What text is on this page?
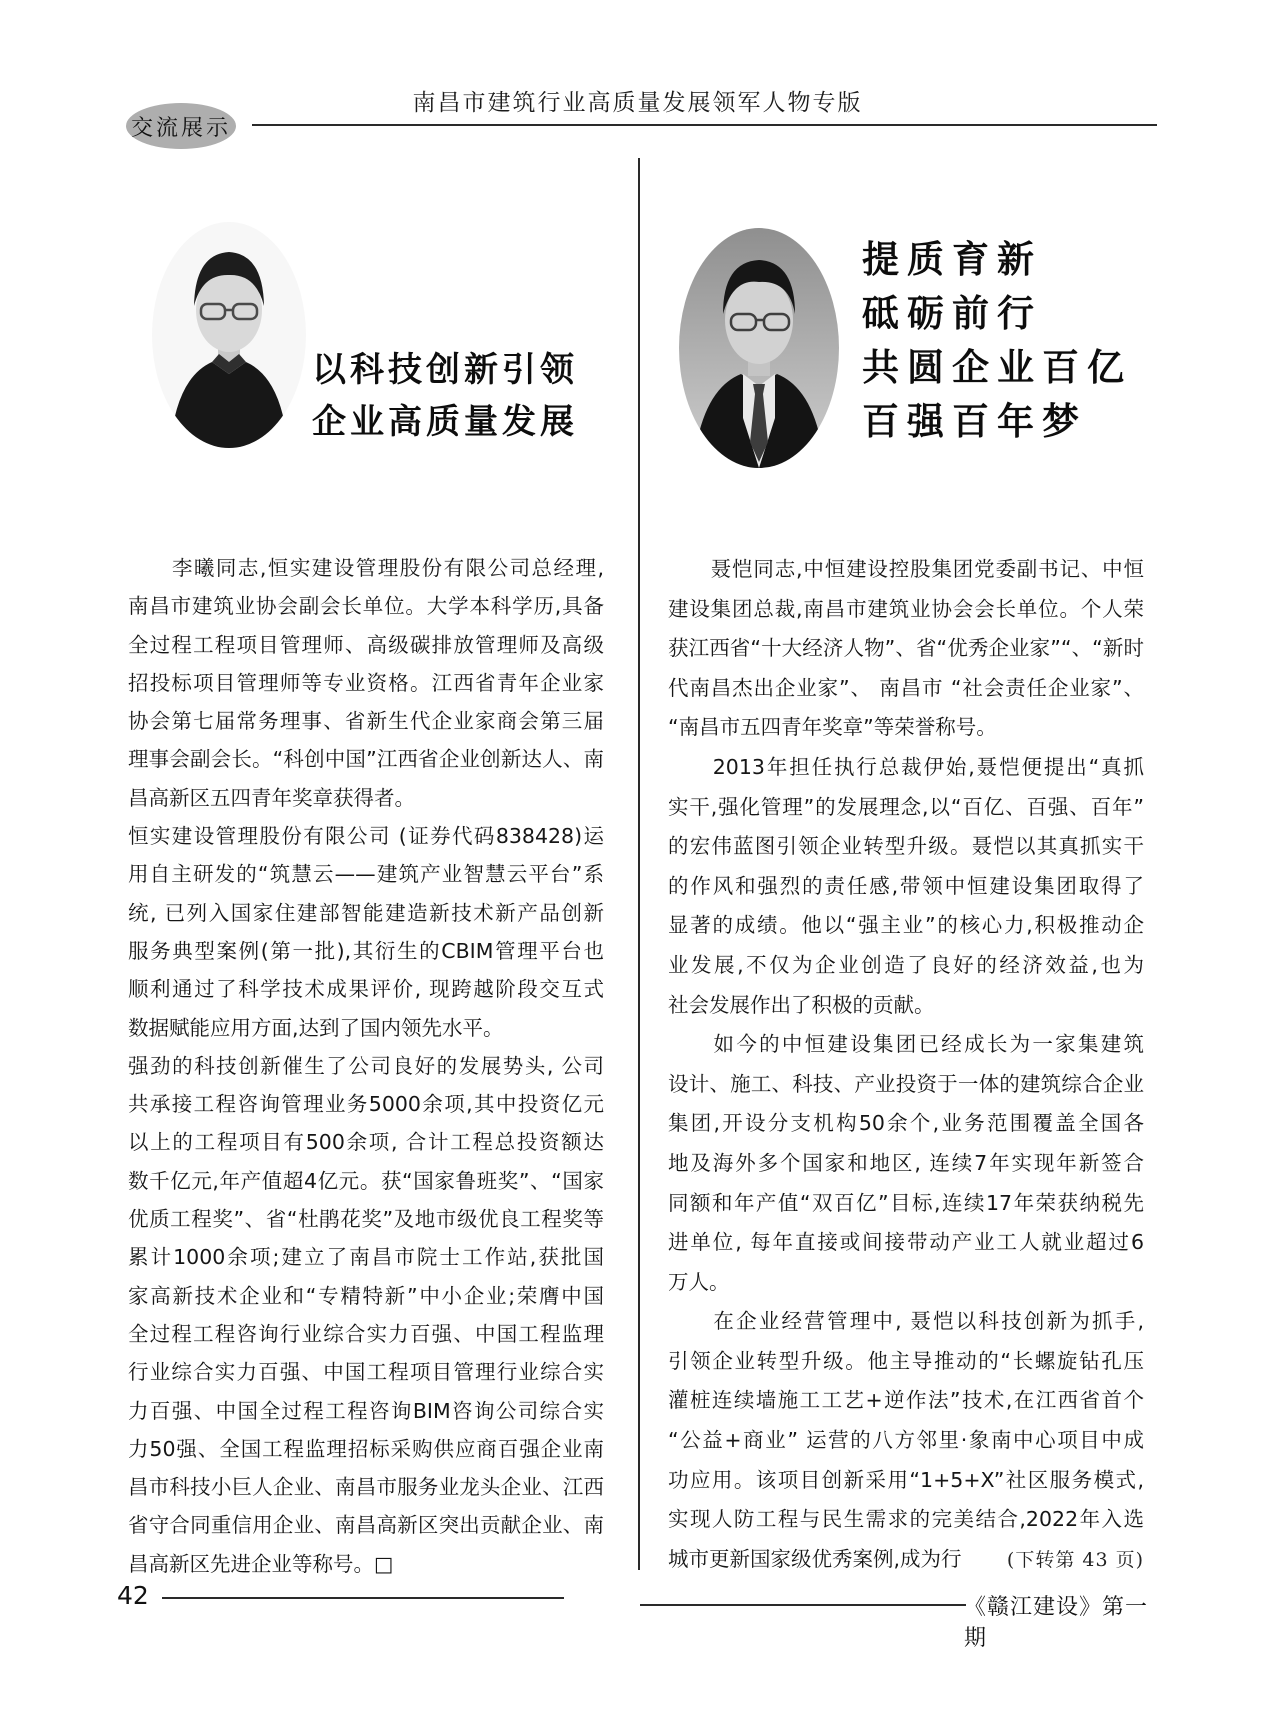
交流展示
南昌市建筑行业高质量发展领军人物专版
以科技创新引领
企业高质量发展
　　李曦同志,恒实建设管理股份有限公司总经理,
南昌市建筑业协会副会长单位。大学本科学历,具备
全过程工程项目管理师、高级碳排放管理师及高级
招投标项目管理师等专业资格。江西省青年企业家
协会第七届常务理事、省新生代企业家商会第三届
理事会副会长。“科创中国”江西省企业创新达人、南
昌高新区五四青年奖章获得者。
恒实建设管理股份有限公司 (证券代码838428)运
用自主研发的“筑慧云——建筑产业智慧云平台”系
统, 已列入国家住建部智能建造新技术新产品创新
服务典型案例(第一批),其衍生的CBIM管理平台也
顺利通过了科学技术成果评价, 现跨越阶段交互式
数据赋能应用方面,达到了国内领先水平。
强劲的科技创新催生了公司良好的发展势头, 公司
共承接工程咨询管理业务5000余项,其中投资亿元
以上的工程项目有500余项, 合计工程总投资额达
数千亿元,年产值超4亿元。获“国家鲁班奖”、“国家
优质工程奖”、省“杜鹃花奖”及地市级优良工程奖等
累计1000余项;建立了南昌市院士工作站,获批国
家高新技术企业和“专精特新”中小企业;荣膺中国
全过程工程咨询行业综合实力百强、中国工程监理
行业综合实力百强、中国工程项目管理行业综合实
力百强、中国全过程工程咨询BIM咨询公司综合实
力50强、全国工程监理招标采购供应商百强企业南
昌市科技小巨人企业、南昌市服务业龙头企业、江西
省守合同重信用企业、南昌高新区突出贡献企业、南
昌高新区先进企业等称号。□
提质育新
砥砺前行
共圆企业百亿
百强百年梦
　　聂恺同志,中恒建设控股集团党委副书记、中恒
建设集团总裁,南昌市建筑业协会会长单位。个人荣
获江西省“十大经济人物”、省“优秀企业家”“、“新时
代南昌杰出企业家”、 南昌市 “社会责任企业家”、
“南昌市五四青年奖章”等荣誉称号。
　　2013年担任执行总裁伊始,聂恺便提出“真抓
实干,强化管理”的发展理念,以“百亿、百强、百年”
的宏伟蓝图引领企业转型升级。聂恺以其真抓实干
的作风和强烈的责任感,带领中恒建设集团取得了
显著的成绩。他以“强主业”的核心力,积极推动企
业发展,不仅为企业创造了良好的经济效益,也为
社会发展作出了积极的贡献。
　　如今的中恒建设集团已经成长为一家集建筑
设计、施工、科技、产业投资于一体的建筑综合企业
集团,开设分支机构50余个,业务范围覆盖全国各
地及海外多个国家和地区, 连续7年实现年新签合
同额和年产值“双百亿”目标,连续17年荣获纳税先
进单位, 每年直接或间接带动产业工人就业超过6
万人。
　　在企业经营管理中, 聂恺以科技创新为抓手,
引领企业转型升级。他主导推动的“长螺旋钻孔压
灌桩连续墙施工工艺+逆作法”技术,在江西省首个
“公益+商业” 运营的八方邻里·象南中心项目中成
功应用。该项目创新采用“1+5+X”社区服务模式,
实现人防工程与民生需求的完美结合,2022年入选
城市更新国家级优秀案例,成为行 (下转第 43 页)
42	《赣江建设》第一期
